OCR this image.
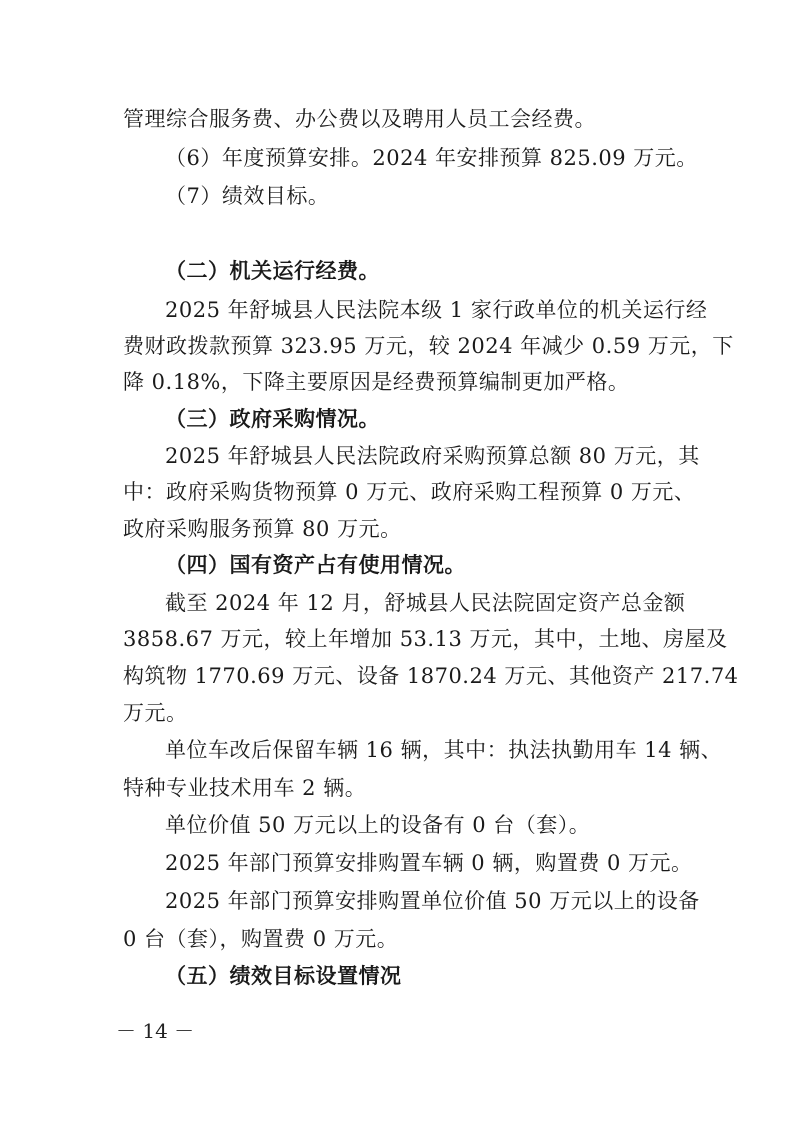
管理综合服务费、办公费以及聘用人员工会经费。
（6）年度预算安排。2024 年安排预算 825.09 万元。
（7）绩效目标。
（二）机关运行经费。
2025 年舒城县人民法院本级 1 家行政单位的机关运行经
费财政拨款预算 323.95 万元，较 2024 年减少 0.59 万元，下
降 0.18%，下降主要原因是经费预算编制更加严格。
（三）政府采购情况。
2025 年舒城县人民法院政府采购预算总额 80 万元，其
中：政府采购货物预算 0 万元、政府采购工程预算 0 万元、
政府采购服务预算 80 万元。
（四）国有资产占有使用情况。
截至 2024 年 12 月，舒城县人民法院固定资产总金额
3858.67 万元，较上年增加 53.13 万元，其中，土地、房屋及
构筑物 1770.69 万元、设备 1870.24 万元、其他资产 217.74
万元。
单位车改后保留车辆 16 辆，其中：执法执勤用车 14 辆、
特种专业技术用车 2 辆。
单位价值 50 万元以上的设备有 0 台（套）。
2025 年部门预算安排购置车辆 0 辆，购置费 0 万元。
2025 年部门预算安排购置单位价值 50 万元以上的设备
0 台（套），购置费 0 万元。
（五）绩效目标设置情况
－ 14 －
